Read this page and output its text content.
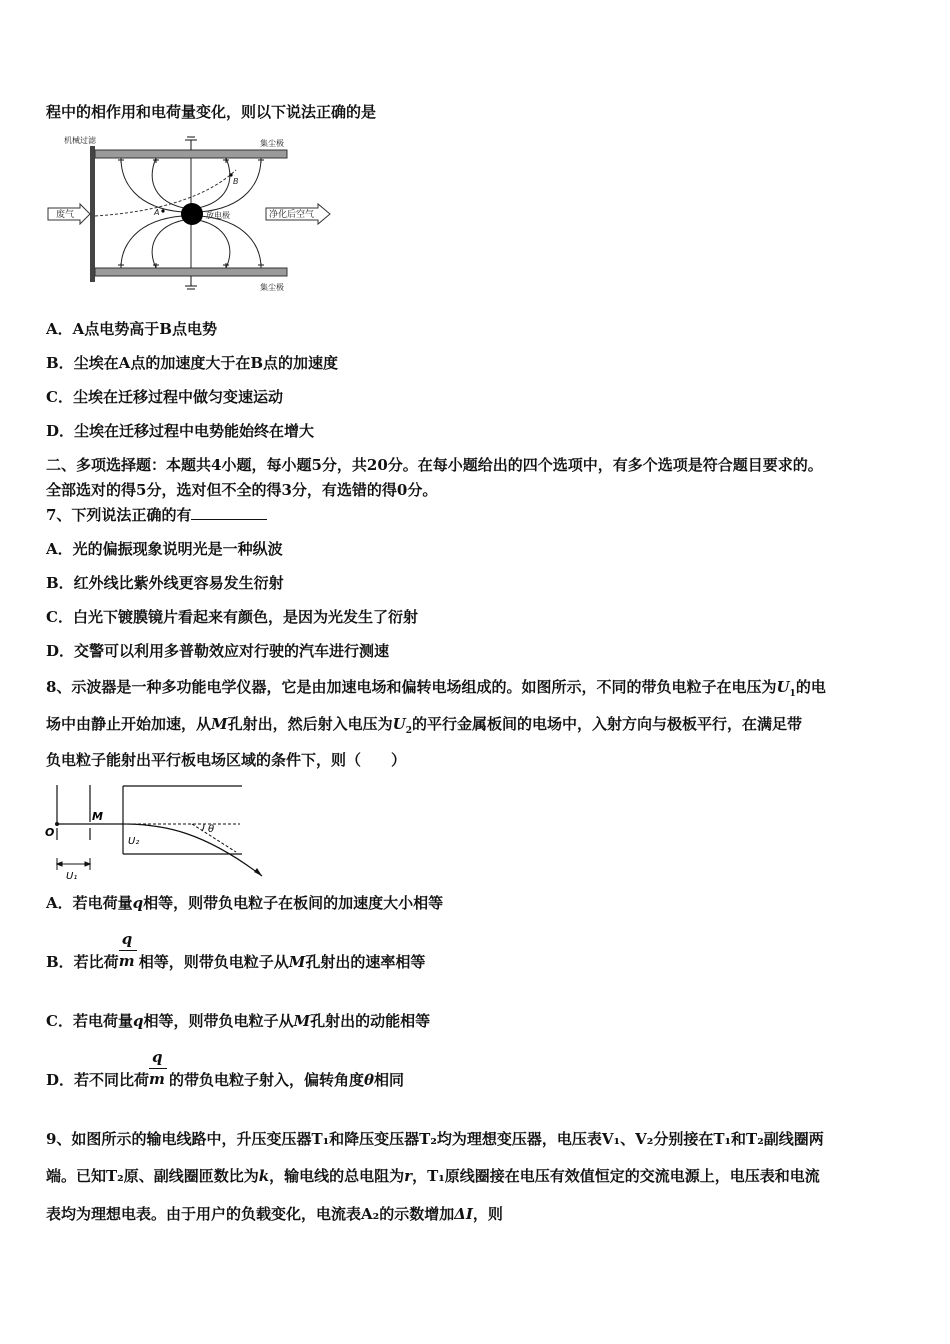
程中的相作用和电荷量变化，则以下说法正确的是
机械过滤	集尘极
集尘极
废气	净化后空气
放电极
A
B
A．A点电势高于B点电势
B．尘埃在A点的加速度大于在B点的加速度
C．尘埃在迁移过程中做匀变速运动
D．尘埃在迁移过程中电势能始终在增大
二、多项选择题：本题共4小题，每小题5分，共20分。在每小题给出的四个选项中，有多个选项是符合题目要求的。
全部选对的得5分，选对但不全的得3分，有选错的得0分。
7、下列说法正确的有
A．光的偏振现象说明光是一种纵波
B．红外线比紫外线更容易发生衍射
C．白光下镀膜镜片看起来有颜色，是因为光发生了衍射
D．交警可以利用多普勒效应对行驶的汽车进行测速
8、示波器是一种多功能电学仪器，它是由加速电场和偏转电场组成的。如图所示，不同的带负电粒子在电压为$U_1$的电
场中由静止开始加速，从M孔射出，然后射入电压为$U_2$的平行金属板间的电场中，入射方向与极板平行，在满足带
负电粒子能射出平行板电场区域的条件下，则（　　）
O
M
U₂
U₁
θ
A．若电荷量q相等，则带负电粒子在板间的加速度大小相等
B．若比荷 $\frac{q}{m}$ 相等，则带负电粒子从M孔射出的速率相等
C．若电荷量q相等，则带负电粒子从M孔射出的动能相等
D．若不同比荷 $\frac{q}{m}$ 的带负电粒子射入，偏转角度θ相同
9、如图所示的输电线路中，升压变压器T₁和降压变压器T₂均为理想变压器，电压表V₁、V₂分别接在T₁和T₂副线圈两
端。已知T₂原、副线圈匝数比为k，输电线的总电阻为r，T₁原线圈接在电压有效值恒定的交流电源上，电压表和电流
表均为理想电表。由于用户的负载变化，电流表A₂的示数增加ΔI，则
